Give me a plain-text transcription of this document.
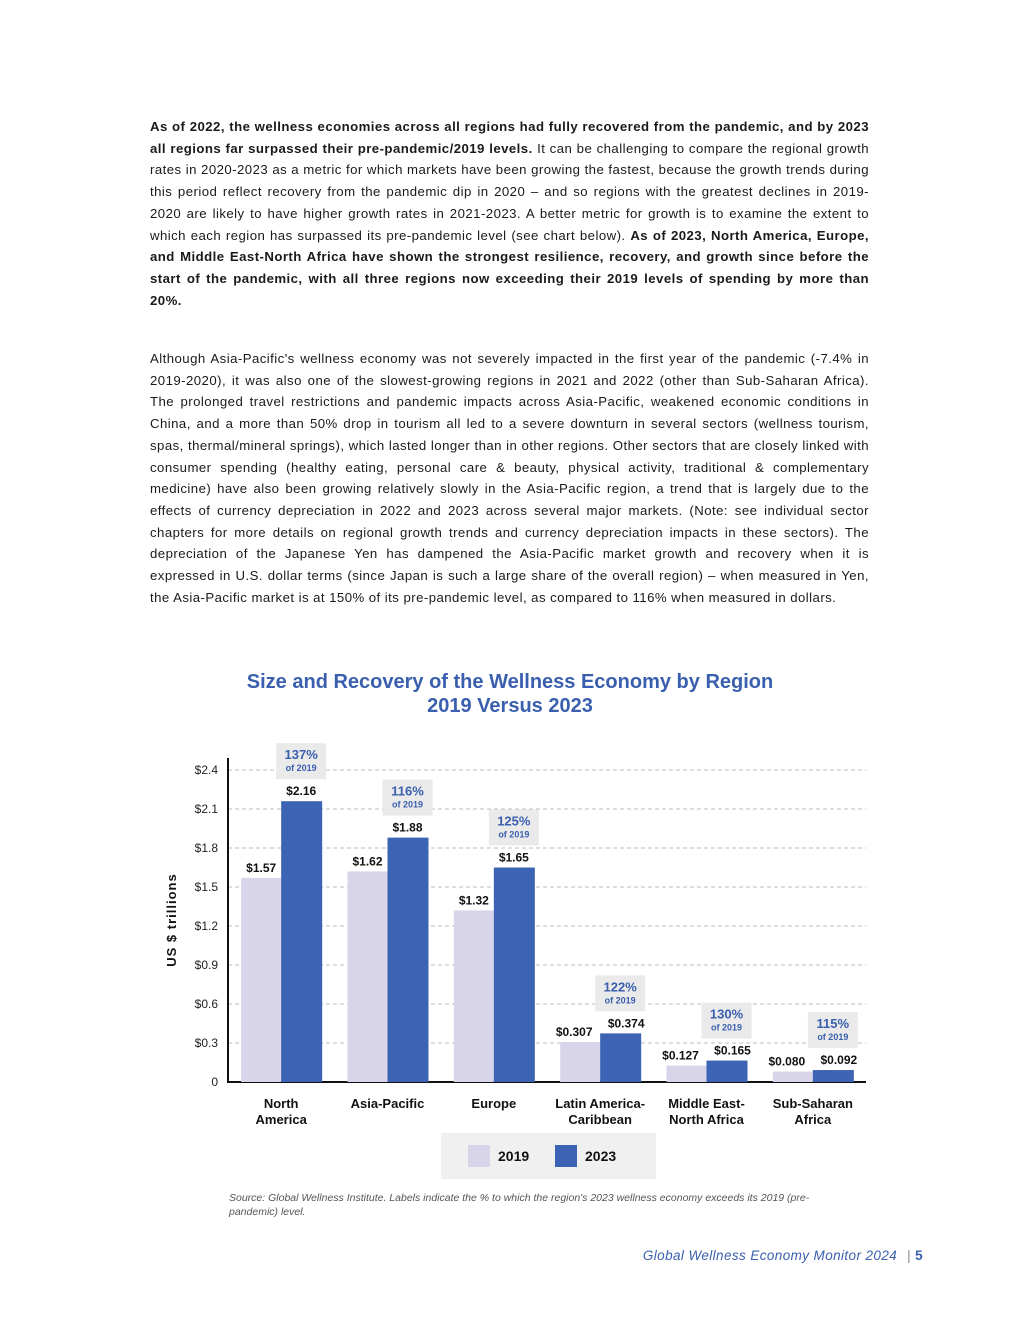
As of 2022, the wellness economies across all regions had fully recovered from the pandemic, and by 2023 all regions far surpassed their pre-pandemic/2019 levels. It can be challenging to compare the regional growth rates in 2020-2023 as a metric for which markets have been growing the fastest, because the growth trends during this period reflect recovery from the pandemic dip in 2020 – and so regions with the greatest declines in 2019-2020 are likely to have higher growth rates in 2021-2023. A better metric for growth is to examine the extent to which each region has surpassed its pre-pandemic level (see chart below). As of 2023, North America, Europe, and Middle East-North Africa have shown the strongest resilience, recovery, and growth since before the start of the pandemic, with all three regions now exceeding their 2019 levels of spending by more than 20%.

Although Asia-Pacific's wellness economy was not severely impacted in the first year of the pandemic (-7.4% in 2019-2020), it was also one of the slowest-growing regions in 2021 and 2022 (other than Sub-Saharan Africa). The prolonged travel restrictions and pandemic impacts across Asia-Pacific, weakened economic conditions in China, and a more than 50% drop in tourism all led to a severe downturn in several sectors (wellness tourism, spas, thermal/mineral springs), which lasted longer than in other regions. Other sectors that are closely linked with consumer spending (healthy eating, personal care & beauty, physical activity, traditional & complementary medicine) have also been growing relatively slowly in the Asia-Pacific region, a trend that is largely due to the effects of currency depreciation in 2022 and 2023 across several major markets. (Note: see individual sector chapters for more details on regional growth trends and currency depreciation impacts in these sectors). The depreciation of the Japanese Yen has dampened the Asia-Pacific market growth and recovery when it is expressed in U.S. dollar terms (since Japan is such a large share of the overall region) – when measured in Yen, the Asia-Pacific market is at 150% of its pre-pandemic level, as compared to 116% when measured in dollars.

Size and Recovery of the Wellness Economy by Region
2019 Versus 2023
0
$0.3
$0.6
$0.9
$1.2
$1.5
$1.8
$2.1
$2.4
US $ trillions
$1.57
$2.16
137%
of 2019
North
America
$1.62
$1.88
116%
of 2019
Asia-Pacific
$1.32
$1.65
125%
of 2019
Europe
$0.307
$0.374
122%
of 2019
Latin America-
Caribbean
$0.127 $0.165
130%
of 2019
Middle East-
North Africa
$0.080 $0.092
115%
of 2019
Sub-Saharan
Africa
2019	2023
Source: Global Wellness Institute. Labels indicate the % to which the region's 2023 wellness economy exceeds its 2019 (pre-pandemic) level.
Global Wellness Economy Monitor 2024 | 5
